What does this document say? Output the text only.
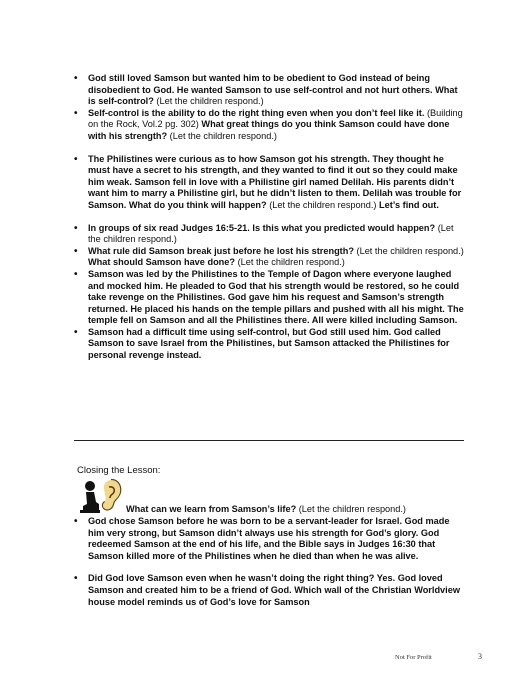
• God still loved Samson but wanted him to be obedient to God instead of being disobedient to God. He wanted Samson to use self-control and not hurt others. What is self-control? (Let the children respond.)
• Self-control is the ability to do the right thing even when you don’t feel like it. (Building on the Rock, Vol.2 pg. 302) What great things do you think Samson could have done with his strength? (Let the children respond.)
• The Philistines were curious as to how Samson got his strength. They thought he must have a secret to his strength, and they wanted to find it out so they could make him weak. Samson fell in love with a Philistine girl named Delilah. His parents didn’t want him to marry a Philistine girl, but he didn’t listen to them. Delilah was trouble for Samson. What do you think will happen? (Let the children respond.) Let’s find out.
• In groups of six read Judges 16:5-21. Is this what you predicted would happen? (Let the children respond.)
• What rule did Samson break just before he lost his strength? (Let the children respond.) What should Samson have done? (Let the children respond.)
• Samson was led by the Philistines to the Temple of Dagon where everyone laughed and mocked him. He pleaded to God that his strength would be restored, so he could take revenge on the Philistines. God gave him his request and Samson’s strength returned. He placed his hands on the temple pillars and pushed with all his might. The temple fell on Samson and all the Philistines there. All were killed including Samson.
• Samson had a difficult time using self-control, but God still used him. God called Samson to save Israel from the Philistines, but Samson attacked the Philistines for personal revenge instead.
Closing the Lesson:
What can we learn from Samson’s life? (Let the children respond.)
• God chose Samson before he was born to be a servant-leader for Israel. God made him very strong, but Samson didn’t always use his strength for God’s glory. God redeemed Samson at the end of his life, and the Bible says in Judges 16:30 that Samson killed more of the Philistines when he died than when he was alive.
• Did God love Samson even when he wasn’t doing the right thing? Yes. God loved Samson and created him to be a friend of God. Which wall of the Christian Worldview house model reminds us of God’s love for Samson
Not For Profit	3
